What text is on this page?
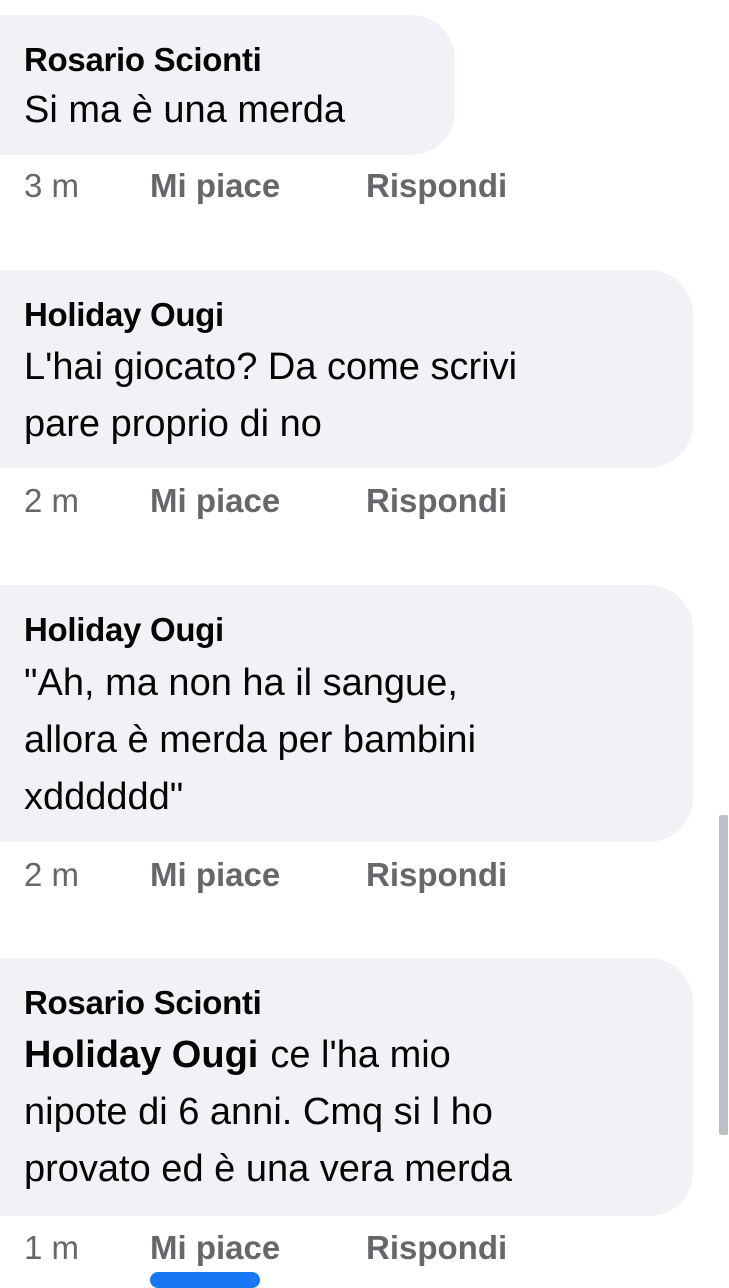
Rosario Scionti
Si ma è una merda
3 m Mi piace	Rispondi
Holiday Ougi
L'hai giocato? Da come scrivi
pare proprio di no
2 m Mi piace	Rispondi
Holiday Ougi
"Ah, ma non ha il sangue,
allora è merda per bambini
xdddddd"
2 m Mi piace	Rispondi
Rosario Scionti
Holiday Ougi ce l'ha mio
nipote di 6 anni. Cmq si l ho
provato ed è una vera merda
1 m Mi piace	Rispondi
